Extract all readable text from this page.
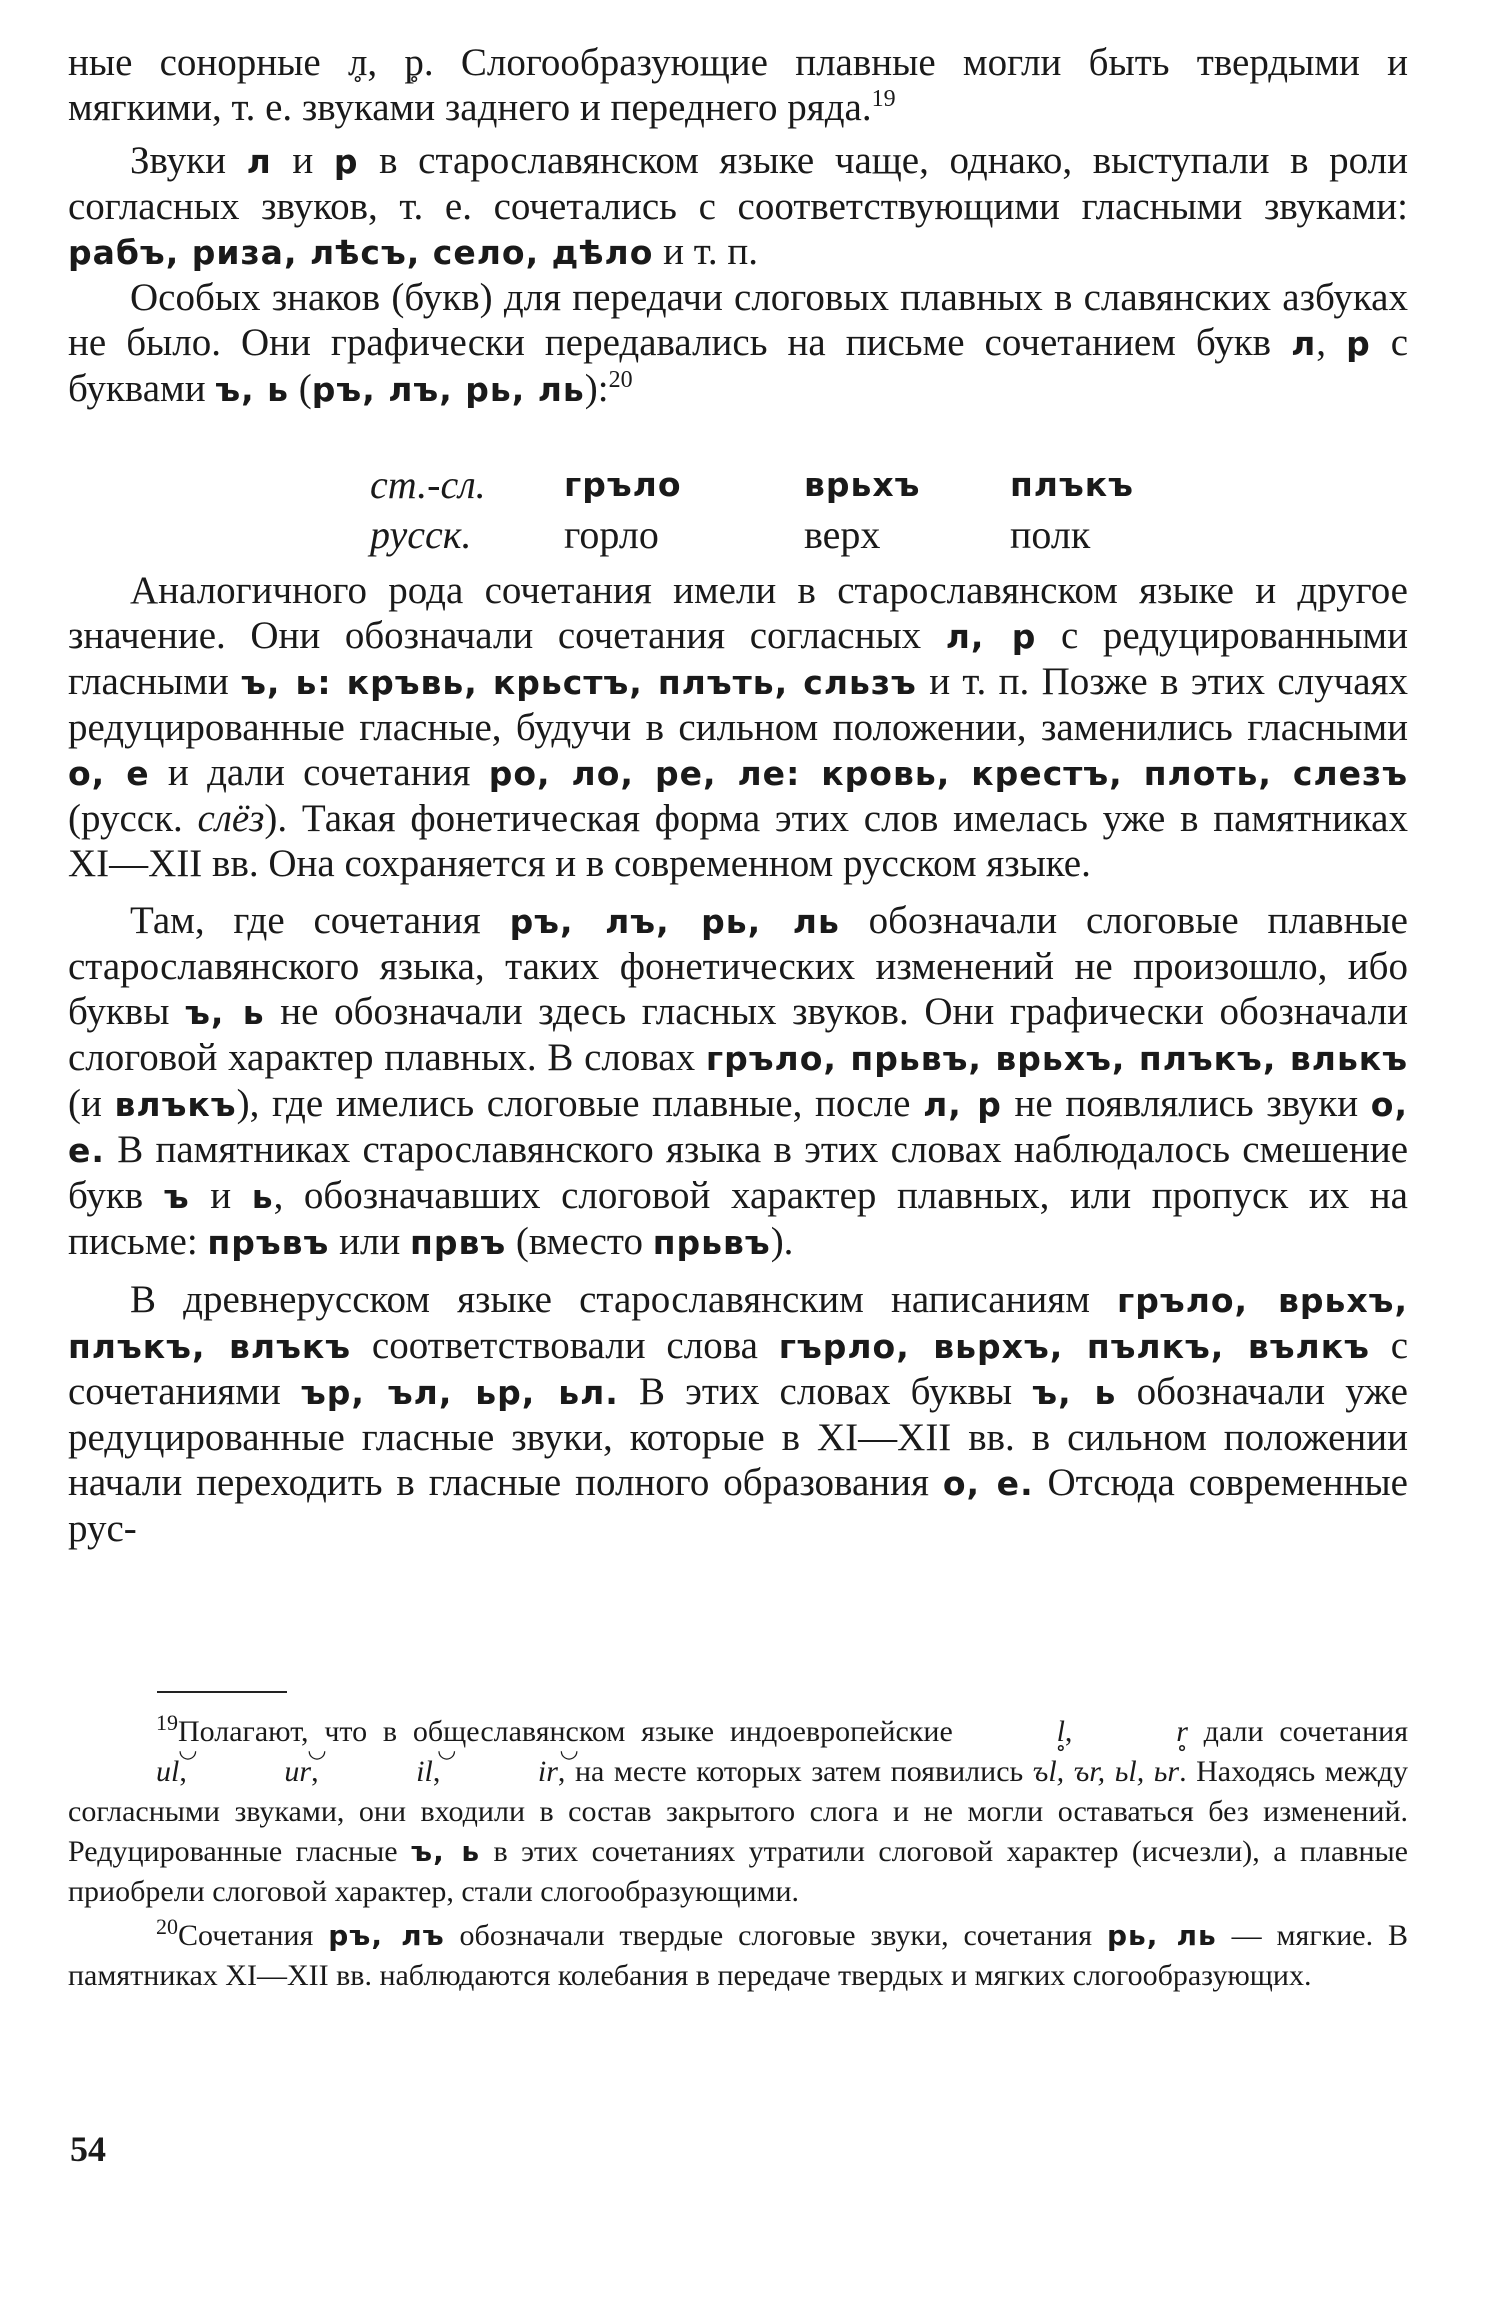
ные сонорные л ∘, р ∘. Слогообразующие плавные могли быть твердыми и мягкими, т. е. звуками заднего и переднего ряда.$^{19}$

Звуки л и р в старославянском языке чаще, однако, выступали в роли согласных звуков, т. е. сочетались с соответствующими гласными звуками: рабъ, риза, лѣсъ, село, дѣло и т. п.

Особых знаков (букв) для передачи слоговых плавных в славянских азбуках не было. Они графически передавались на письме сочетанием букв л, р с буквами ъ, ь (ръ, лъ, рь, ль):$^{20}$

ст.-сл.	гръло	врьхъ	плъкъ
русск.	горло	верх	полк

Аналогичного рода сочетания имели в старославянском языке и другое значение. Они обозначали сочетания согласных л, р с редуцированными гласными ъ, ь: кръвь, крьстъ, плъть, сльзъ и т. п. Позже в этих случаях редуцированные гласные, будучи в сильном положении, заменились гласными о, е и дали сочетания ро, ло, ре, ле: кровь, крестъ, плоть, слезъ (русск. слёз). Такая фонетическая форма этих слов имелась уже в памятниках XI—XII вв. Она сохраняется и в современном русском языке.

Там, где сочетания ръ, лъ, рь, ль обозначали слоговые плавные старославянского языка, таких фонетических изменений не произошло, ибо буквы ъ, ь не обозначали здесь гласных звуков. Они графически обозначали слоговой характер плавных. В словах гръло, прьвъ, врьхъ, плъкъ, влькъ (и влъкъ), где имелись слоговые плавные, после л, р не появлялись звуки о, е. В памятниках старославянского языка в этих словах наблюдалось смешение букв ъ и ь, обозначавших слоговой характер плавных, или пропуск их на письме: пръвъ или првъ (вместо прьвъ).

В древнерусском языке старославянским написаниям гръло, врьхъ, плъкъ, влъкъ соответствовали слова гърло, вьрхъ, пълкъ, вълкъ с сочетаниями ър, ъл, ьр, ьл. В этих словах буквы ъ, ь обозначали уже редуцированные гласные звуки, которые в XI—XII вв. в сильном положении начали переходить в гласные полного образования о, е. Отсюда современные рус-

$^{19}$Полагают, что в общеславянском языке индоевропейские	l ∘,	r ∘ дали сочетания ◡ ul,	◡ ur,	◡ il,	◡ ir, на месте которых затем появились ъl, ъr, ьl, ьr. Находясь между согласными звуками, они входили в состав закрытого слога и не могли оставаться без изменений. Редуцированные гласные ъ, ь в этих сочетаниях утратили слоговой характер (исчезли), а плавные приобрели слоговой характер, стали слогообразующими.

$^{20}$Сочетания ръ, лъ обозначали твердые слоговые звуки, сочетания рь, ль — мягкие. В памятниках XI—XII вв. наблюдаются колебания в передаче твердых и мягких слогообразующих.

54
